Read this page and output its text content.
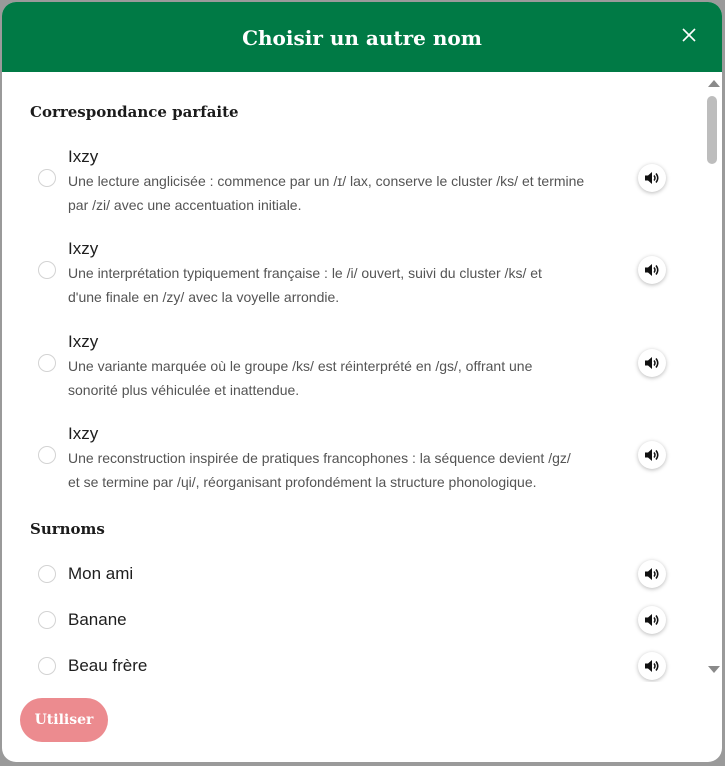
Choisir un autre nom
Correspondance parfaite
Ixzy
Une lecture anglicisée : commence par un /ɪ/ lax, conserve le cluster /ks/ et termine
par /zi/ avec une accentuation initiale.
Ixzy
Une interprétation typiquement française : le /i/ ouvert, suivi du cluster /ks/ et
d'une finale en /zy/ avec la voyelle arrondie.
Ixzy
Une variante marquée où le groupe /ks/ est réinterprété en /gs/, offrant une
sonorité plus véhiculée et inattendue.
Ixzy
Une reconstruction inspirée de pratiques francophones : la séquence devient /gz/
et se termine par /ɥi/, réorganisant profondément la structure phonologique.
Surnoms
Mon ami
Banane
Beau frère
Utiliser
